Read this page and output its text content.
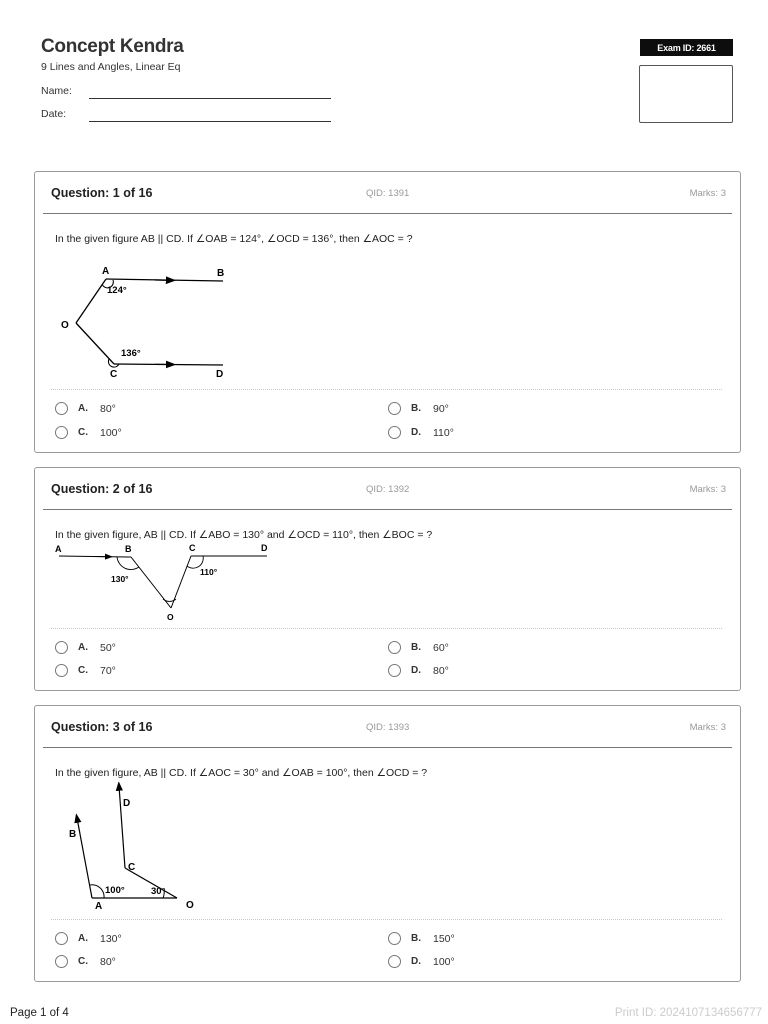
Concept Kendra
9 Lines and Angles, Linear Eq
Name:
Date:
Exam ID: 2661
Question: 1 of 16	QID: 1391	Marks: 3
In the given figure AB || CD. If ∠OAB = 124°, ∠OCD = 136°, then ∠AOC = ?
A	B
O
C	D
124°
136°
A.	80°	B.	90°
C.	100°	D.	110°
Question: 2 of 16	QID: 1392	Marks: 3
In the given figure, AB || CD. If ∠ABO = 130° and ∠OCD = 110°, then ∠BOC = ?
A	B	C	D
130°
110°
O
A.	50°	B.	60°
C.	70°	D.	80°
Question: 3 of 16	QID: 1393	Marks: 3
In the given figure, AB || CD. If ∠AOC = 30° and ∠OAB = 100°, then ∠OCD = ?
D
B
C
100°	30°
A	O
A.	130°	B.	150°
C.	80°	D.	100°
Page 1 of 4	Print ID: 2024107134656777
